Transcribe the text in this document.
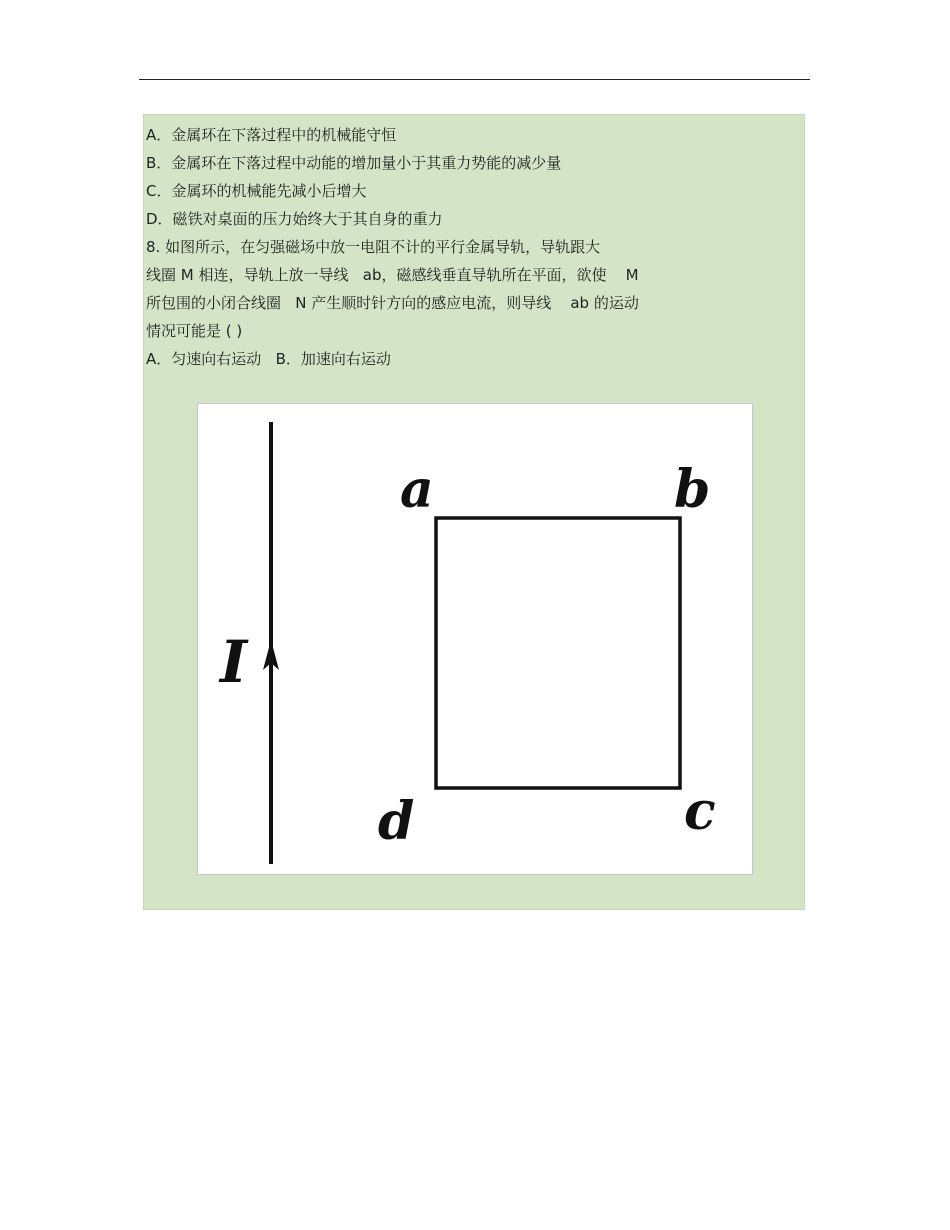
A．金属环在下落过程中的机械能守恒
B．金属环在下落过程中动能的增加量小于其重力势能的减少量
C．金属环的机械能先减小后增大
D．磁铁对桌面的压力始终大于其自身的重力
8. 如图所示，在匀强磁场中放一电阻不计的平行金属导轨，导轨跟大
线圈 M 相连，导轨上放一导线   ab，磁感线垂直导轨所在平面，欲使    M
所包围的小闭合线圈   N 产生顺时针方向的感应电流，则导线    ab 的运动
情况可能是 ( )
A．匀速向右运动   B．加速向右运动
I
a	b
c
d
